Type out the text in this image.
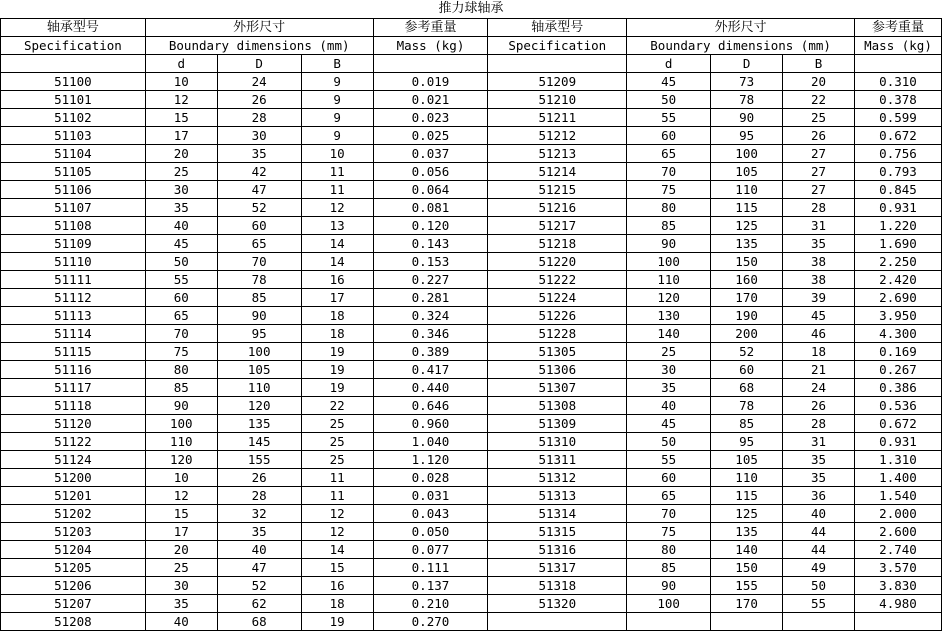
推力球轴承
轴承型号	外形尺寸			参考重量	轴承型号	外形尺寸			参考重量
Specification	Boundary dimensions (mm)			Mass (kg)	Specification	Boundary dimensions (mm)			Mass (kg)
	d	D	B			d	D	B	
51100	10	24	9	0.019	51209	45	73	20	0.310
51101	12	26	9	0.021	51210	50	78	22	0.378
51102	15	28	9	0.023	51211	55	90	25	0.599
51103	17	30	9	0.025	51212	60	95	26	0.672
51104	20	35	10	0.037	51213	65	100	27	0.756
51105	25	42	11	0.056	51214	70	105	27	0.793
51106	30	47	11	0.064	51215	75	110	27	0.845
51107	35	52	12	0.081	51216	80	115	28	0.931
51108	40	60	13	0.120	51217	85	125	31	1.220
51109	45	65	14	0.143	51218	90	135	35	1.690
51110	50	70	14	0.153	51220	100	150	38	2.250
51111	55	78	16	0.227	51222	110	160	38	2.420
51112	60	85	17	0.281	51224	120	170	39	2.690
51113	65	90	18	0.324	51226	130	190	45	3.950
51114	70	95	18	0.346	51228	140	200	46	4.300
51115	75	100	19	0.389	51305	25	52	18	0.169
51116	80	105	19	0.417	51306	30	60	21	0.267
51117	85	110	19	0.440	51307	35	68	24	0.386
51118	90	120	22	0.646	51308	40	78	26	0.536
51120	100	135	25	0.960	51309	45	85	28	0.672
51122	110	145	25	1.040	51310	50	95	31	0.931
51124	120	155	25	1.120	51311	55	105	35	1.310
51200	10	26	11	0.028	51312	60	110	35	1.400
51201	12	28	11	0.031	51313	65	115	36	1.540
51202	15	32	12	0.043	51314	70	125	40	2.000
51203	17	35	12	0.050	51315	75	135	44	2.600
51204	20	40	14	0.077	51316	80	140	44	2.740
51205	25	47	15	0.111	51317	85	150	49	3.570
51206	30	52	16	0.137	51318	90	155	50	3.830
51207	35	62	18	0.210	51320	100	170	55	4.980
51208	40	68	19	0.270					
